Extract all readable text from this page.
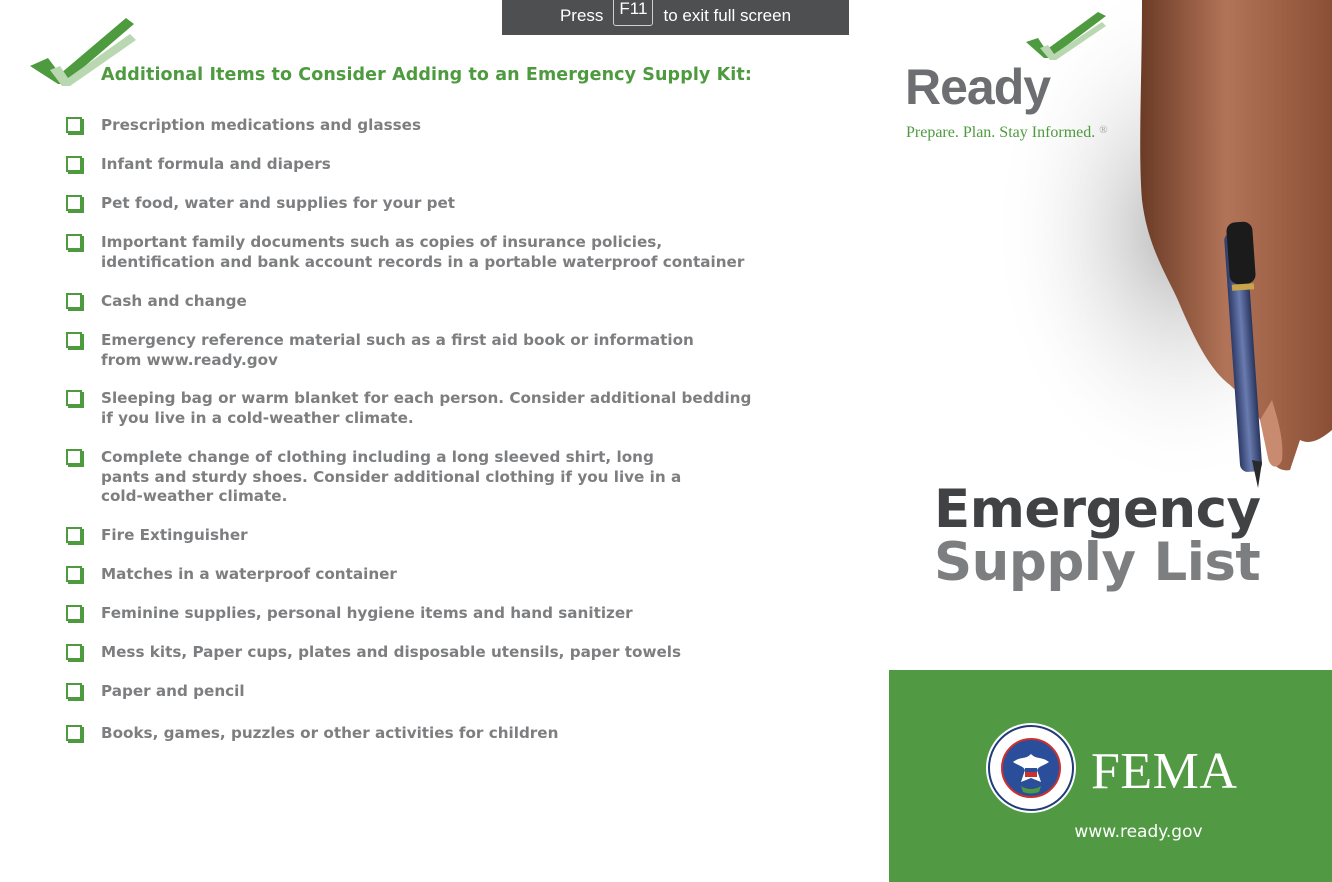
Press F11 to exit full screen
Additional Items to Consider Adding to an Emergency Supply Kit:
Prescription medications and glasses
Infant formula and diapers
Pet food, water and supplies for your pet
Important family documents such as copies of insurance policies,
identification and bank account records in a portable waterproof container
Cash and change
Emergency reference material such as a first aid book or information
from www.ready.gov
Sleeping bag or warm blanket for each person. Consider additional bedding
if you live in a cold-weather climate.
Complete change of clothing including a long sleeved shirt, long
pants and sturdy shoes. Consider additional clothing if you live in a
cold-weather climate.
Fire Extinguisher
Matches in a waterproof container
Feminine supplies, personal hygiene items and hand sanitizer
Mess kits, Paper cups, plates and disposable utensils, paper towels
Paper and pencil
Books, games, puzzles or other activities for children
Ready
Prepare. Plan. Stay Informed. ®
Emergency
Supply List
FEMA
www.ready.gov
